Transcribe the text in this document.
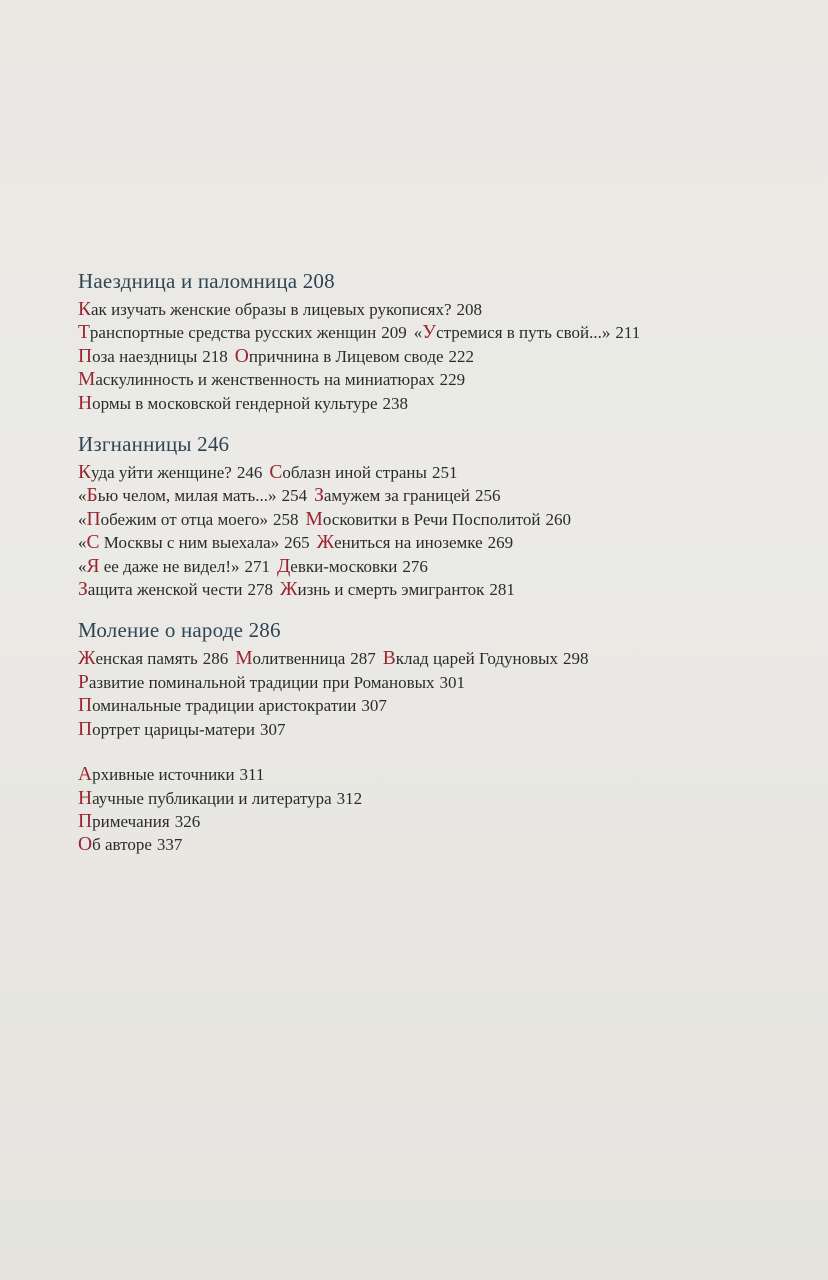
Наездница и паломница 208
Как изучать женские образы в лицевых рукописях? 208
Транспортные средства русских женщин 209 «Устремися в путь свой...» 211
Поза наездницы 218 Опричнина в Лицевом своде 222
Маскулинность и женственность на миниатюрах 229
Нормы в московской гендерной культуре 238
Изгнанницы 246
Куда уйти женщине? 246 Соблазн иной страны 251
«Бью челом, милая мать...» 254 Замужем за границей 256
«Побежим от отца моего» 258 Московитки в Речи Посполитой 260
«С Москвы с ним выехала» 265 Жениться на иноземке 269
«Я ее даже не видел!» 271 Девки-московки 276
Защита женской чести 278 Жизнь и смерть эмигранток 281
Моление о народе 286
Женская память 286 Молитвенница 287 Вклад царей Годуновых 298
Развитие поминальной традиции при Романовых 301
Поминальные традиции аристократии 307
Портрет царицы-матери 307
Архивные источники 311
Научные публикации и литература 312
Примечания 326
Об авторе 337
